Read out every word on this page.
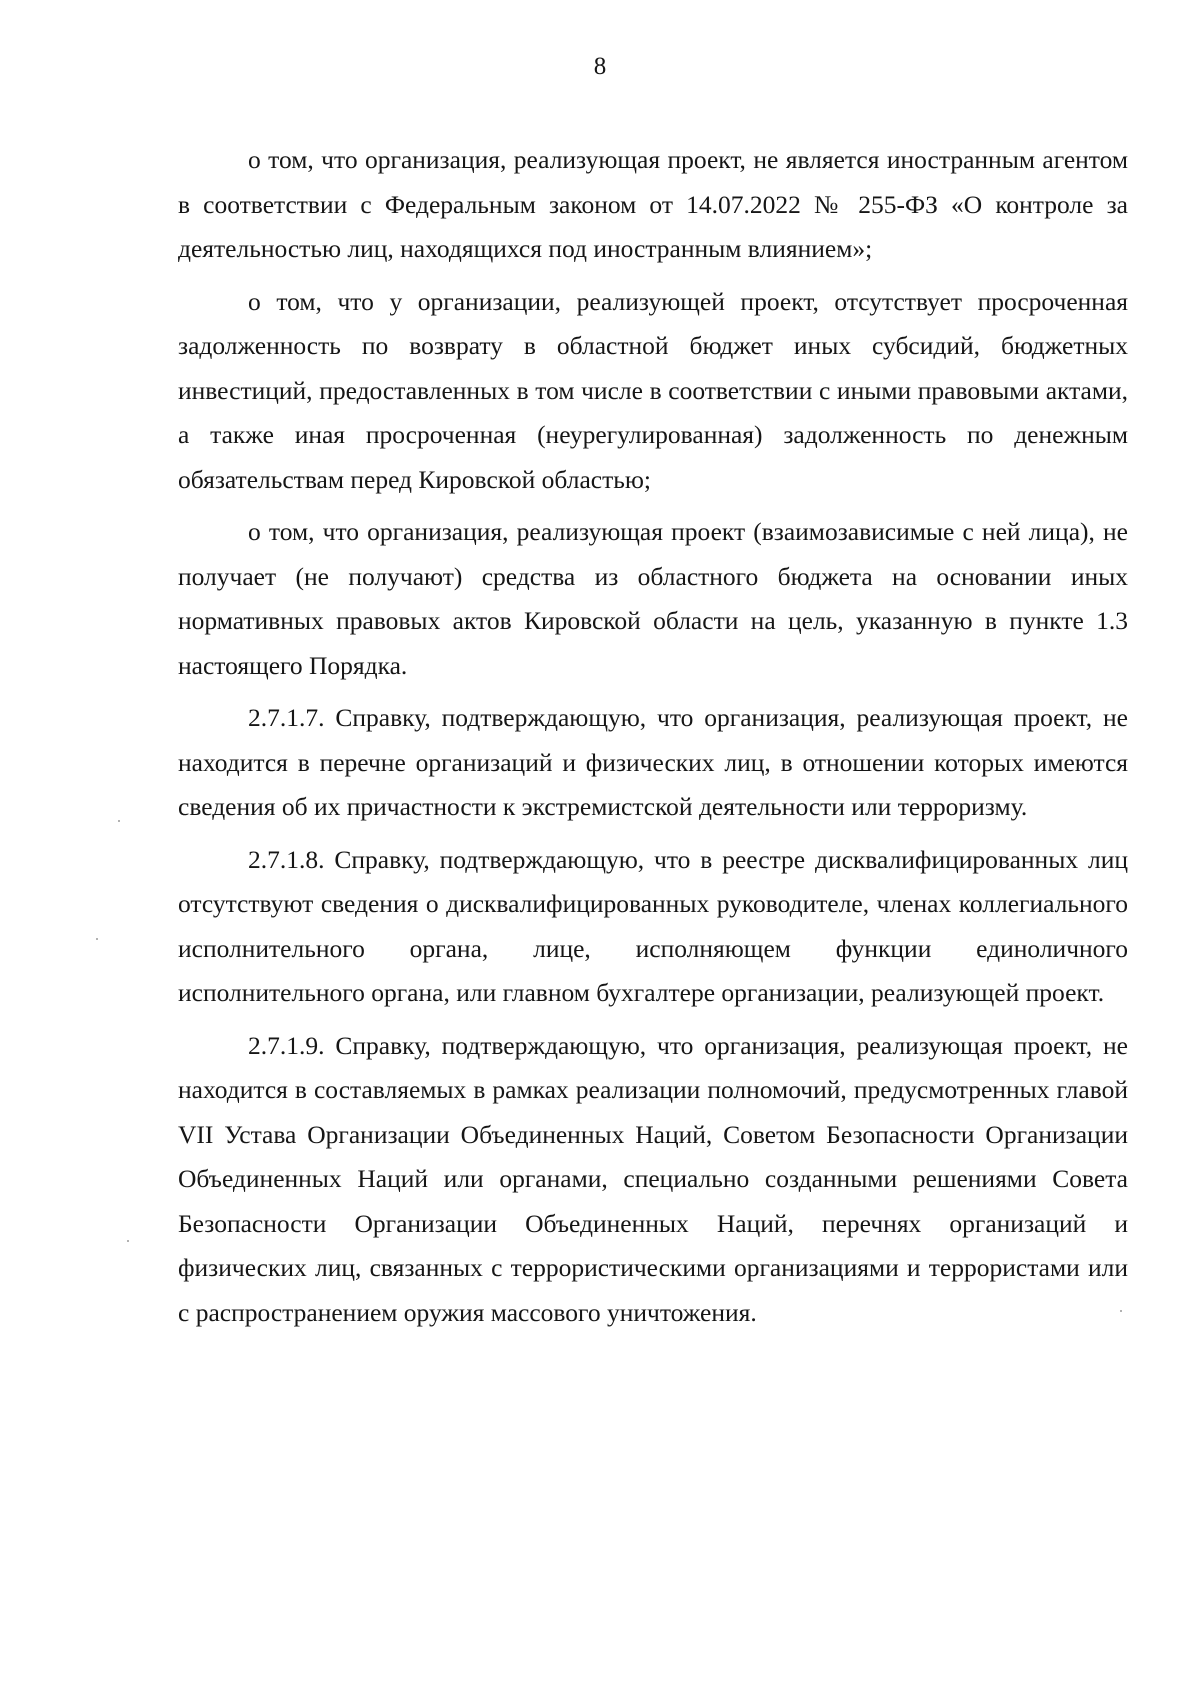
8

о том, что организация, реализующая проект, не является иностранным агентом в соответствии с Федеральным законом от 14.07.2022 № 255-ФЗ «О контроле за деятельностью лиц, находящихся под иностранным влиянием»;

о том, что у организации, реализующей проект, отсутствует просроченная задолженность по возврату в областной бюджет иных субсидий, бюджетных инвестиций, предоставленных в том числе в соответствии с иными правовыми актами, а также иная просроченная (неурегулированная) задолженность по денежным обязательствам перед Кировской областью;

о том, что организация, реализующая проект (взаимозависимые с ней лица), не получает (не получают) средства из областного бюджета на основании иных нормативных правовых актов Кировской области на цель, указанную в пункте 1.3 настоящего Порядка.

2.7.1.7. Справку, подтверждающую, что организация, реализующая проект, не находится в перечне организаций и физических лиц, в отношении которых имеются сведения об их причастности к экстремистской деятельности или терроризму.

2.7.1.8. Справку, подтверждающую, что в реестре дисквалифицированных лиц отсутствуют сведения о дисквалифицированных руководителе, членах коллегиального исполнительного органа, лице, исполняющем функции единоличного исполнительного органа, или главном бухгалтере организации, реализующей проект.

2.7.1.9. Справку, подтверждающую, что организация, реализующая проект, не находится в составляемых в рамках реализации полномочий, предусмотренных главой VII Устава Организации Объединенных Наций, Советом Безопасности Организации Объединенных Наций или органами, специально созданными решениями Совета Безопасности Организации Объединенных Наций, перечнях организаций и физических лиц, связанных с террористическими организациями и террористами или с распространением оружия массового уничтожения.
